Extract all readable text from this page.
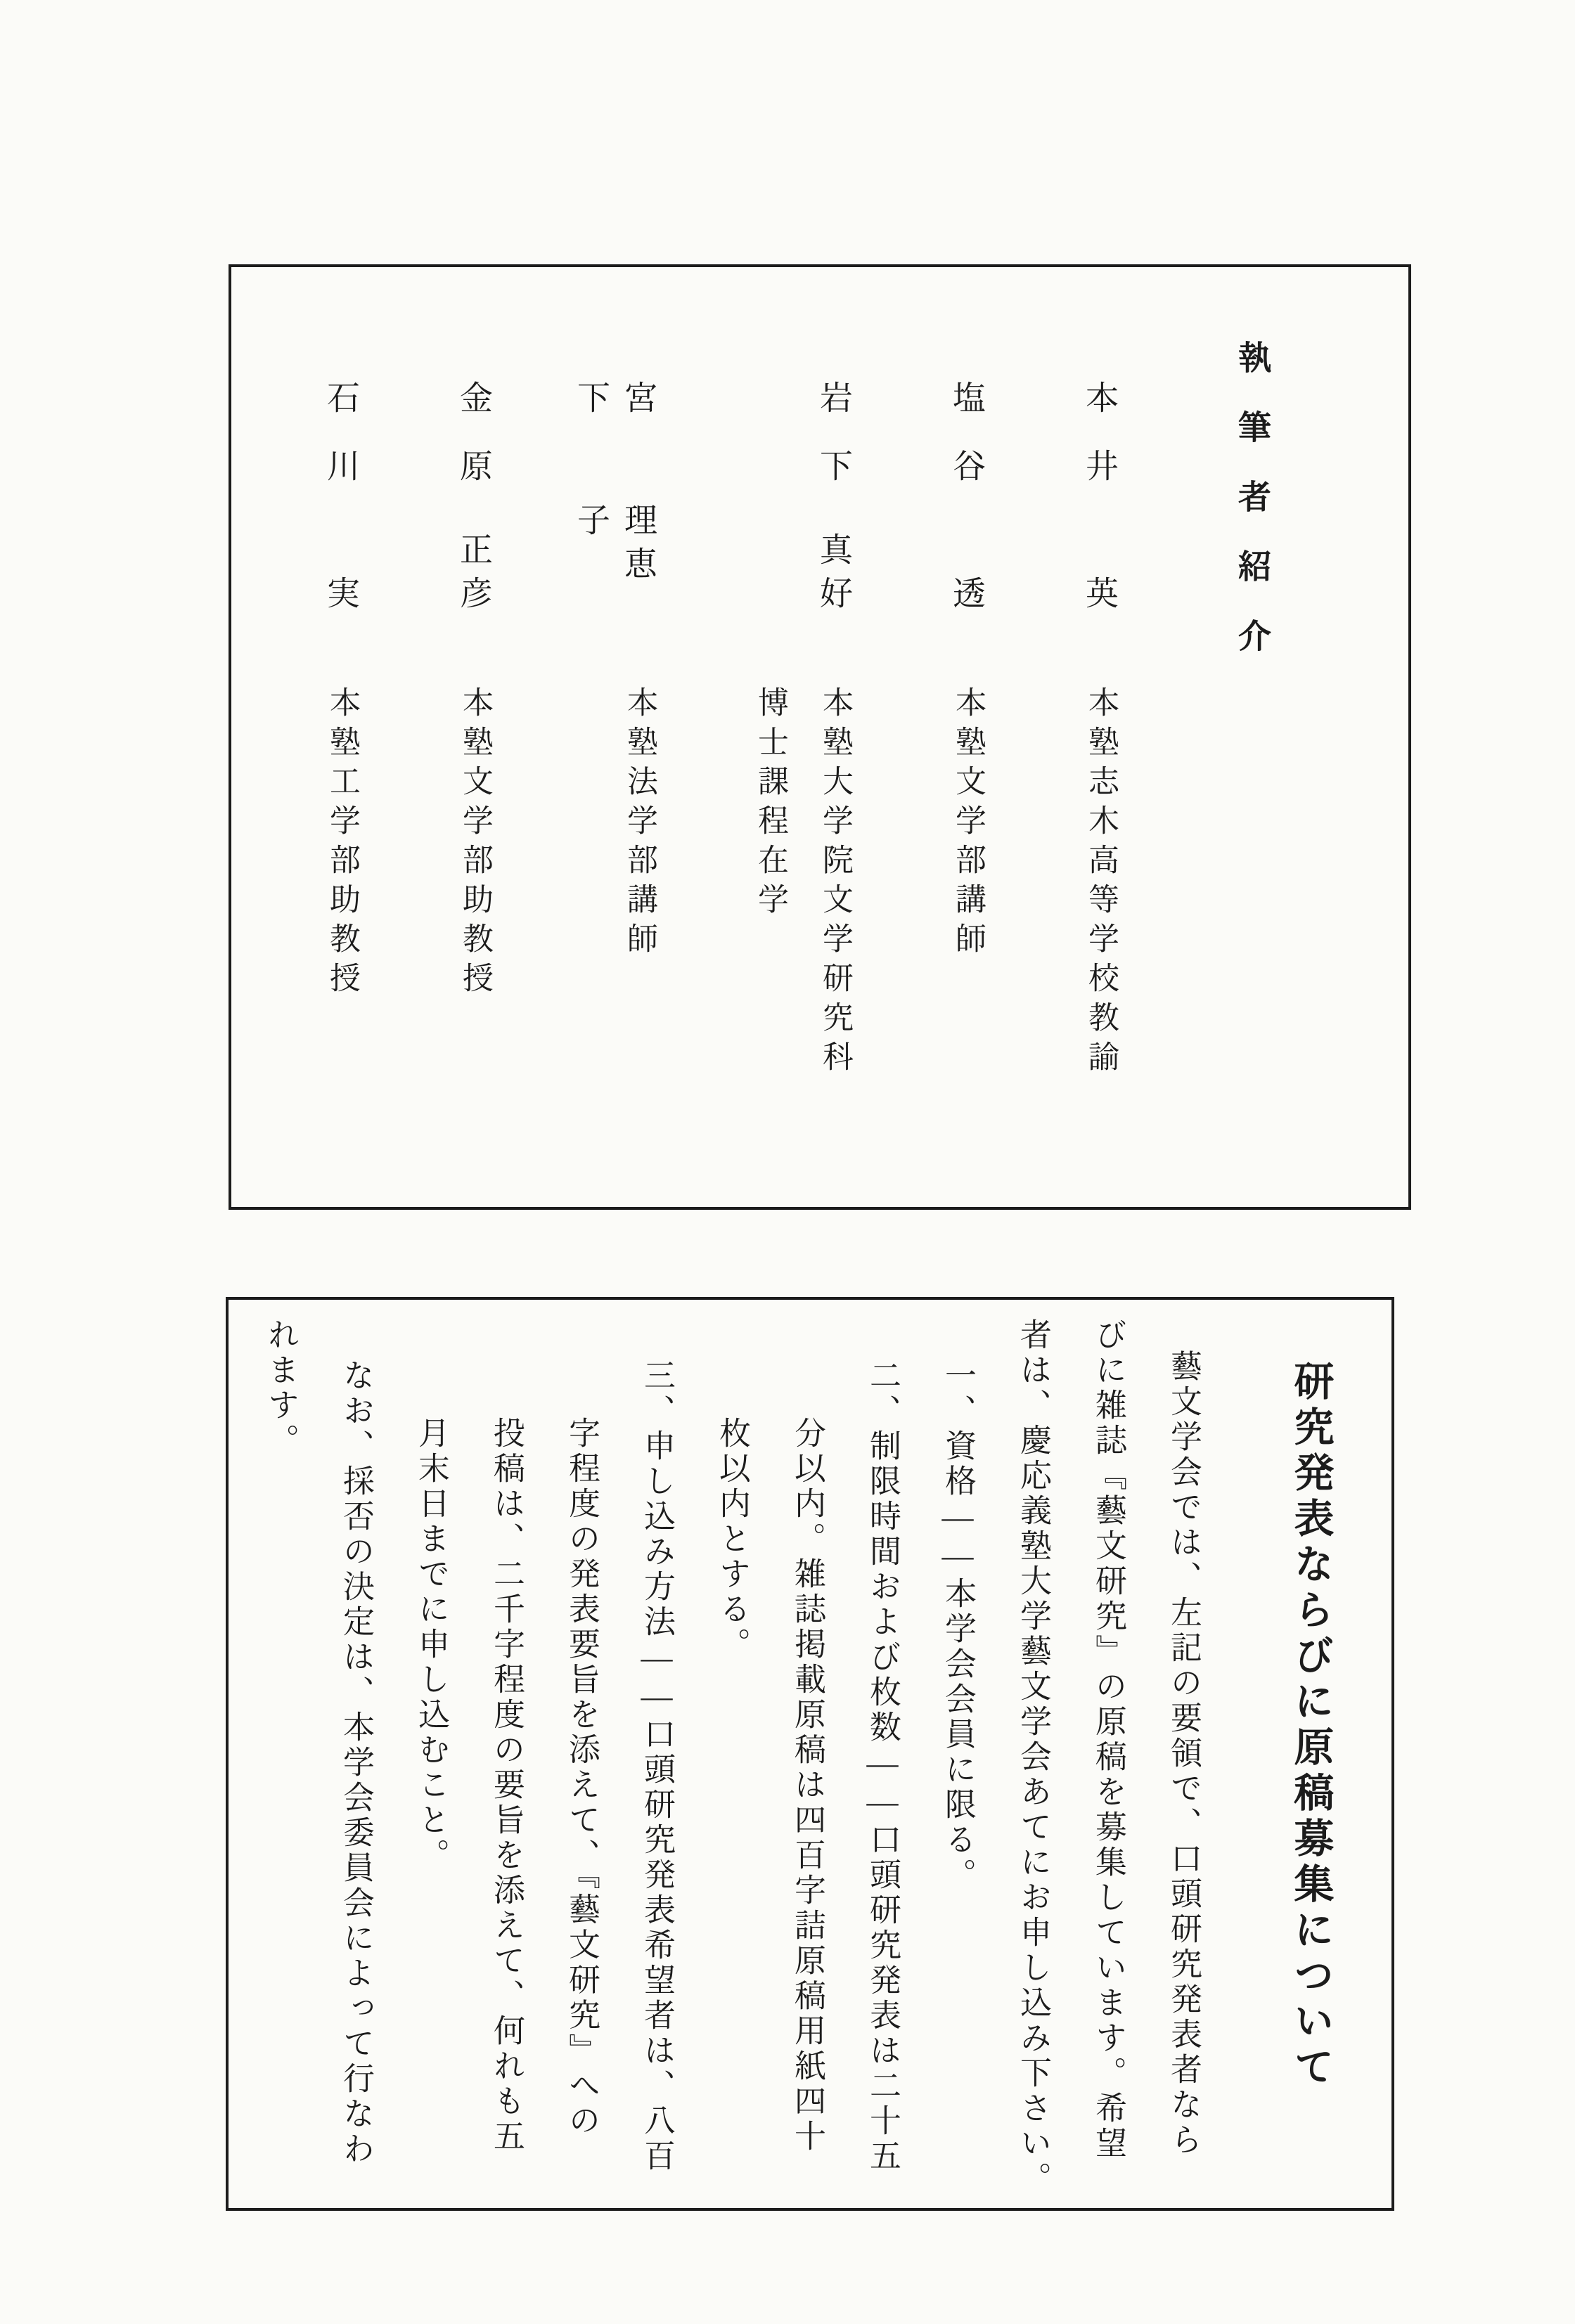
執筆者紹介
本井
英
本塾志木高等学校教諭
塩谷
透
本塾文学部講師
岩下
真好
本塾大学院文学研究科
博士課程在学
宮下
理恵子
本塾法学部講師
金原
正彦
本塾文学部助教授
石川
実
本塾工学部助教授
研究発表ならびに原稿募集について
藝文学会では、左記の要領で、口頭研究発表者なら
びに雑誌『藝文研究』の原稿を募集しています。希望
者は、慶応義塾大学藝文学会あてにお申し込み下さい。
一、資格——本学会会員に限る。
二、制限時間および枚数——口頭研究発表は二十五
分以内。雑誌掲載原稿は四百字詰原稿用紙四十
枚以内とする。
三、申し込み方法——口頭研究発表希望者は、八百
字程度の発表要旨を添えて、『藝文研究』への
投稿は、二千字程度の要旨を添えて、何れも五
月末日までに申し込むこと。
なお、採否の決定は、本学会委員会によって行なわ
れます。
